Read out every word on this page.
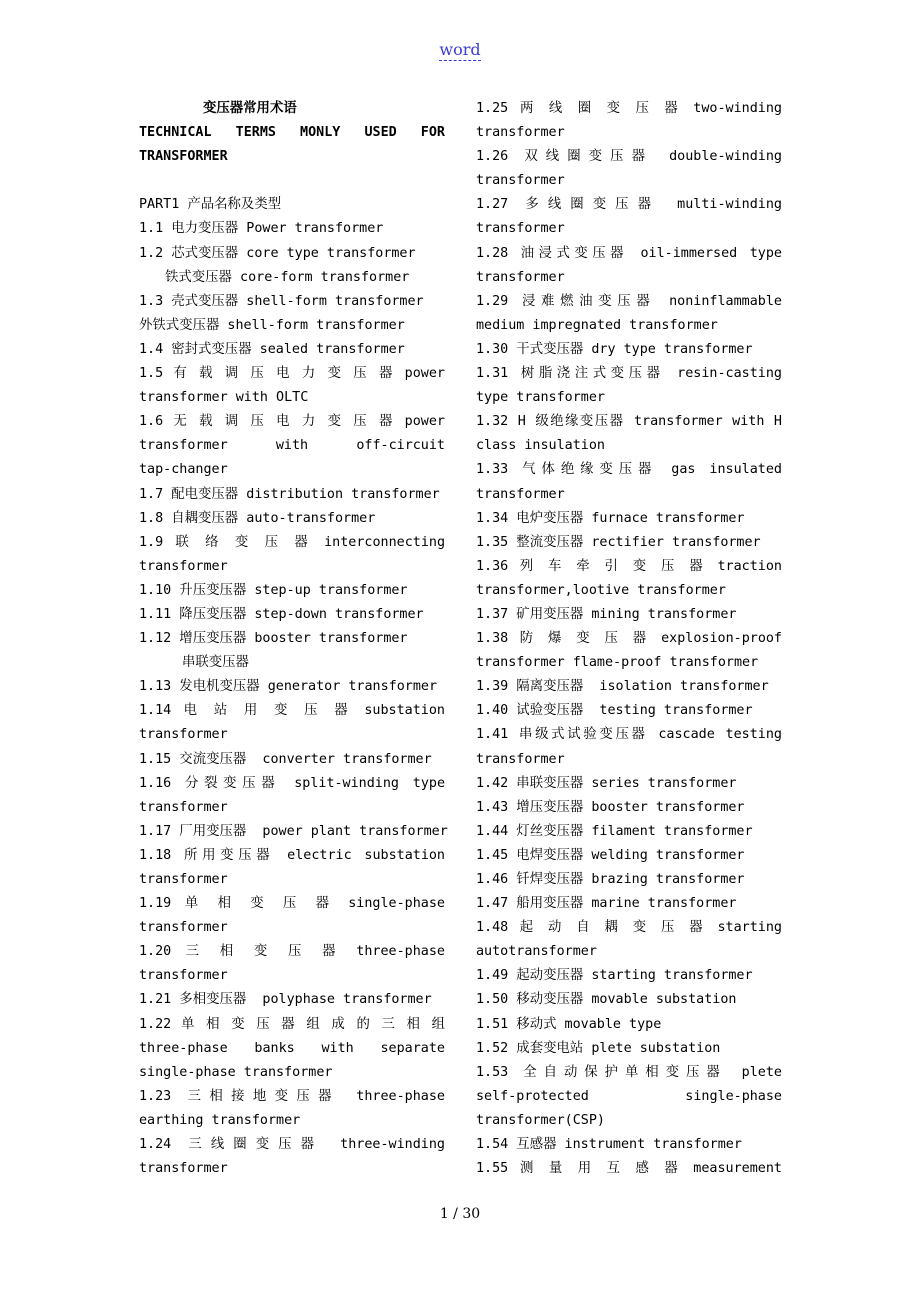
word
变压器常用术语
TECHNICAL TERMS MONLY USED FOR
TRANSFORMER
PART1 产品名称及类型
1.1 电力变压器 Power transformer
1.2 芯式变压器 core type transformer
铁式变压器 core-form transformer
1.3 壳式变压器 shell-form transformer
外铁式变压器 shell-form transformer
1.4 密封式变压器 sealed transformer
1.5 有 载 调 压 电 力 变 压 器 power
transformer with OLTC
1.6 无 载 调 压 电 力 变 压 器 power
transformer with off-circuit
tap-changer
1.7 配电变压器 distribution transformer
1.8 自耦变压器 auto-transformer
1.9 联 络 变 压 器 interconnecting
transformer
1.10 升压变压器 step-up transformer
1.11 降压变压器 step-down transformer
1.12 增压变压器 booster transformer
串联变压器
1.13 发电机变压器 generator transformer
1.14 电 站 用 变 压 器 substation
transformer
1.15 交流变压器  converter transformer
1.16 分裂变压器 split-winding type
transformer
1.17 厂用变压器  power plant transformer
1.18 所用变压器 electric substation
transformer
1.19 单 相 变 压 器 single-phase
transformer
1.20 三 相 变 压 器 three-phase
transformer
1.21 多相变压器  polyphase transformer
1.22 单 相 变 压 器 组 成 的 三 相 组
three-phase banks with separate
single-phase transformer
1.23 三相接地变压器 three-phase
earthing transformer
1.24 三线圈变压器 three-winding
transformer
1.25 两 线 圈 变 压 器 two-winding
transformer
1.26 双线圈变压器 double-winding
transformer
1.27 多线圈变压器 multi-winding
transformer
1.28 油浸式变压器 oil-immersed type
transformer
1.29 浸难燃油变压器 noninflammable
medium impregnated transformer
1.30 干式变压器 dry type transformer
1.31 树脂浇注式变压器 resin-casting
type transformer
1.32 H 级绝缘变压器 transformer with H
class insulation
1.33 气体绝缘变压器 gas insulated
transformer
1.34 电炉变压器 furnace transformer
1.35 整流变压器 rectifier transformer
1.36 列 车 牵 引 变 压 器 traction
transformer,lootive transformer
1.37 矿用变压器 mining transformer
1.38 防 爆 变 压 器 explosion-proof
transformer flame-proof transformer
1.39 隔离变压器  isolation transformer
1.40 试验变压器  testing transformer
1.41 串级式试验变压器 cascade testing
transformer
1.42 串联变压器 series transformer
1.43 增压变压器 booster transformer
1.44 灯丝变压器 filament transformer
1.45 电焊变压器 welding transformer
1.46 钎焊变压器 brazing transformer
1.47 船用变压器 marine transformer
1.48 起 动 自 耦 变 压 器 starting
autotransformer
1.49 起动变压器 starting transformer
1.50 移动变压器 movable substation
1.51 移动式 movable type
1.52 成套变电站 plete substation
1.53 全自动保护单相变压器 plete
self-protected single-phase
transformer(CSP)
1.54 互感器 instrument transformer
1.55 测 量 用 互 感 器 measurement
1 / 30
